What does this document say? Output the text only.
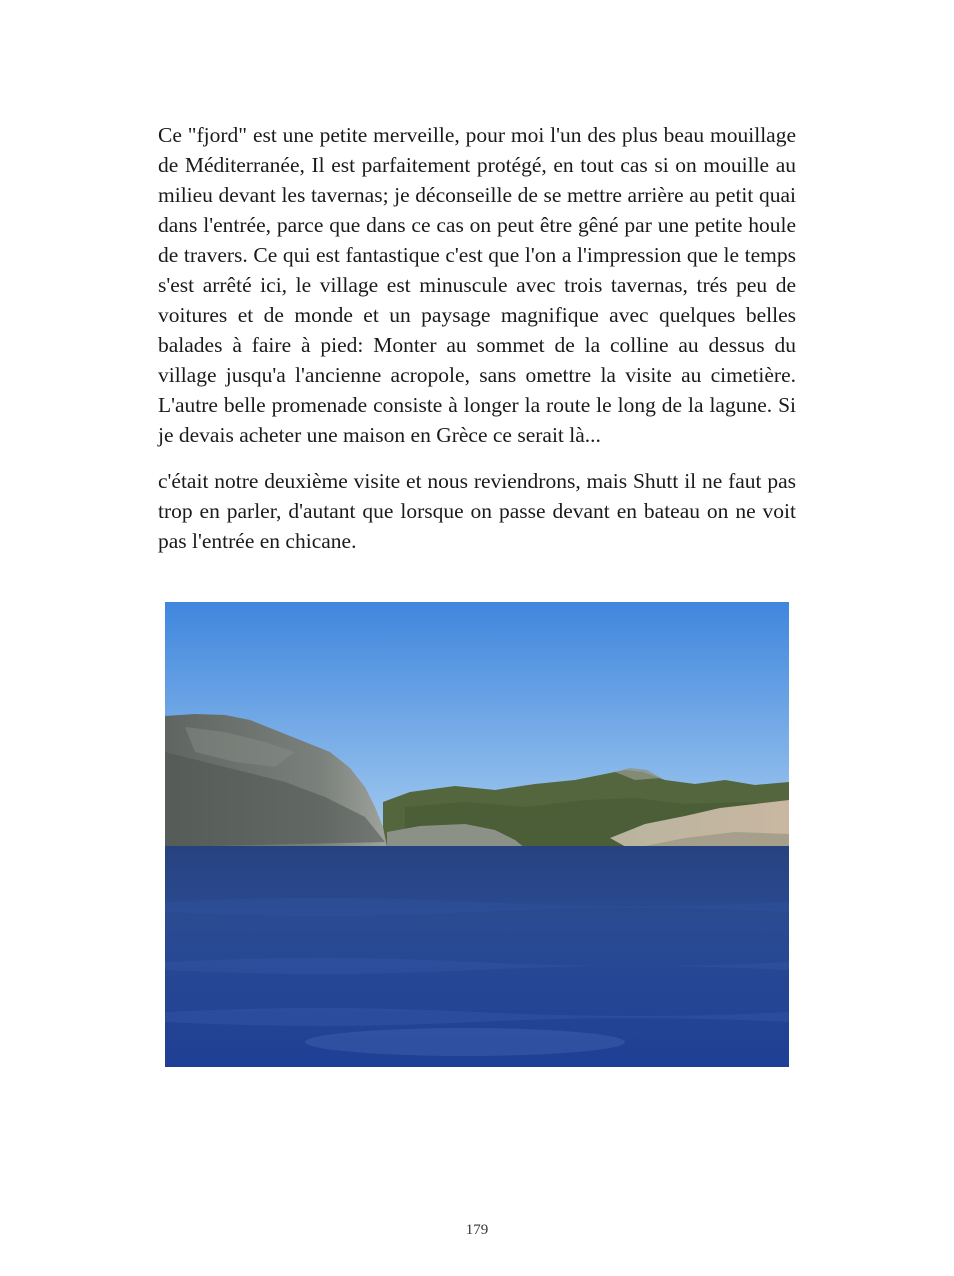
Ce "fjord" est une petite merveille, pour moi l'un des plus beau mouillage de Méditerranée, Il est parfaitement protégé, en tout cas si on mouille au milieu devant les tavernas; je déconseille de se mettre arrière au petit quai dans l'entrée, parce que dans ce cas on peut être gêné par une petite houle de travers. Ce qui est fantastique c'est que l'on a l'impression que le temps s'est arrêté ici, le village est minuscule avec trois tavernas, trés peu de voitures et de monde et un paysage magnifique avec quelques belles balades à faire à pied: Monter au sommet de la colline au dessus du village jusqu'a l'ancienne acropole, sans omettre la visite au cimetière. L'autre belle promenade consiste à longer la route le long de la lagune. Si je devais acheter une maison en Grèce ce serait là...

c'était notre deuxième visite et nous reviendrons, mais Shutt il ne faut pas trop en parler, d'autant que lorsque on passe devant en bateau on ne voit pas l'entrée en chicane.

179
